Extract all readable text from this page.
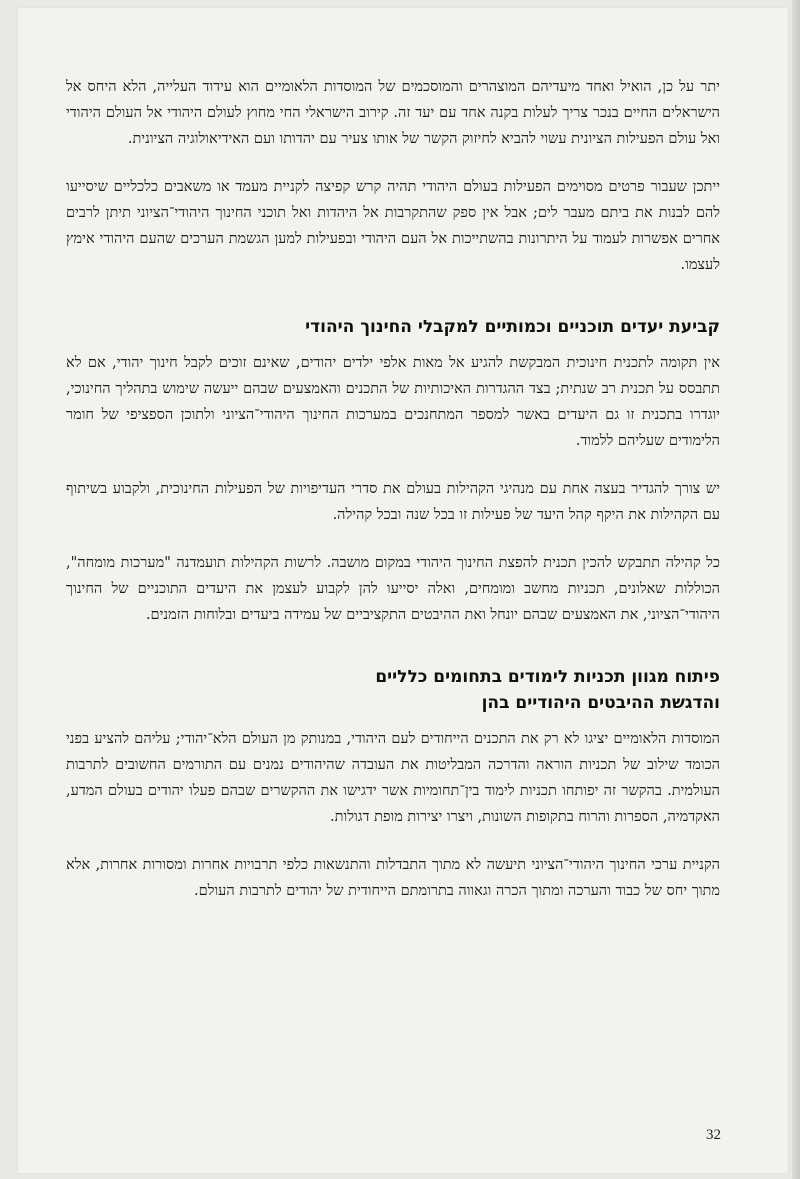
יתר על כן, הואיל ואחד מיעדיהם המוצהרים והמוסכמים של המוסדות הלאומיים הוא עידוד העלייה, הלא היחס אל הישראלים החיים בנכר צריך לעלות בקנה אחד עם יעד זה. קירוב הישראלי החי מחוץ לעולם היהודי אל העולם היהודי ואל עולם הפעילות הציונית עשוי להביא לחיזוק הקשר של אותו צעיר עם יהדותו ועם האידיאולוגיה הציונית.

ייתכן שעבור פרטים מסוימים הפעילות בעולם היהודי תהיה קרש קפיצה לקניית מעמד או משאבים כלכליים שיסייעו להם לבנות את ביתם מעבר לים; אבל אין ספק שהתקרבות אל היהדות ואל תוכני החינוך היהודי־הציוני תיתן לרבים אחרים אפשרות לעמוד על היתרונות בהשתייכות אל העם היהודי ובפעילות למען הגשמת הערכים שהעם היהודי אימץ לעצמו.

קביעת יעדים תוכניים וכמותיים למקבלי החינוך היהודי

אין תקומה לתכנית חינוכית המבקשת להגיע אל מאות אלפי ילדים יהודים, שאינם זוכים לקבל חינוך יהודי, אם לא תתבסס על תכנית רב שנתית; בצד ההגדרות האיכותיות של התכנים והאמצעים שבהם ייעשה שימוש בתהליך החינוכי, יוגדרו בתכנית זו גם היעדים באשר למספר המתחנכים במערכות החינוך היהודי־הציוני ולתוכן הספציפי של חומר הלימודים שעליהם ללמוד.

יש צורך להגדיר בעצה אחת עם מנהיגי הקהילות בעולם את סדרי העדיפויות של הפעילות החינוכית, ולקבוע בשיתוף עם הקהילות את היקף קהל היעד של פעילות זו בכל שנה ובכל קהילה.

כל קהילה תתבקש להכין תכנית להפצת החינוך היהודי במקום מושבה. לרשות הקהילות תועמדנה "מערכות מומחה", הכוללות שאלונים, תכניות מחשב ומומחים, ואלה יסייעו להן לקבוע לעצמן את היעדים התוכניים של החינוך היהודי־הציוני, את האמצעים שבהם יונחל ואת ההיבטים התקציביים של עמידה ביעדים ובלוחות הזמנים.

פיתוח מגוון תכניות לימודים בתחומים כלליים
והדגשת ההיבטים היהודיים בהן

המוסדות הלאומיים יציגו לא רק את התכנים הייחודים לעם היהודי, במנותק מן העולם הלא־יהודי; עליהם להציע בפני הכומד שילוב של תכניות הוראה והדרכה המבליטות את העובדה שהיהודים נמנים עם התורמים החשובים לתרבות העולמית. בהקשר זה יפותחו תכניות לימוד בין־תחומיות אשר ידגישו את ההקשרים שבהם פעלו יהודים בעולם המדע, האקדמיה, הספרות והרוח בתקופות השונות, ויצרו יצירות מופת דגולות.

הקניית ערכי החינוך היהודי־הציוני תיעשה לא מתוך התבדלות והתנשאות כלפי תרבויות אחרות ומסורות אחרות, אלא מתוך יחס של כבוד והערכה ומתוך הכרה וגאווה בתרומתם הייחודית של יהודים לתרבות העולם.

32
